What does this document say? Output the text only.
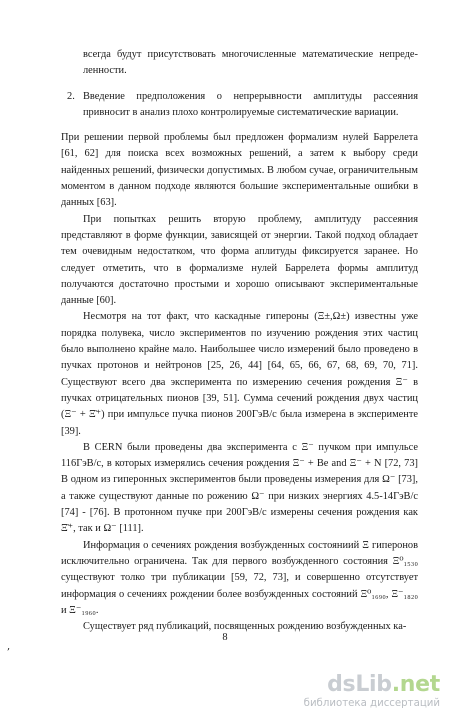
всегда будут присутствовать многочисленные математические непредe-ленности.

2. Введение предположения о непрерывности амплитуды рассеяния привносит в анализ плохо контролируемые систематические вариации.

При решении первой проблемы был предложен формализм нулей Баррелета [61, 62] для поиска всех возможных решений, а затем к выбору среди найденных решений, физически допустимых. В любом сучае, ограничительным моментом в данном подходе являются большие экспериментальные ошибки в данных [63].

При попытках решить вторую проблему, амплитуду рассеяния представляют в форме функции, зависящей от энергии. Такой подход обладает тем очевидным недостатком, что форма аплитуды фиксируется заранее. Но следует отметить, что в формализме нулей Баррелета формы амплитуд получаются достаточно простыми и хорошо описывают экспериментальные данные [60].

Несмотря на тот факт, что каскадные гипероны (Ξ±,Ω±) известны уже порядка полувека, число экспериментов по изучению рождения этих частиц было выполнено крайне мало. Наибольшее число измерений было проведено в пучках протонов и нейтронов [25, 26, 44] [64, 65, 66, 67, 68, 69, 70, 71]. Существуют всего два эксперимента по измерению сечения рождения Ξ⁻ в пучках отрицательных пионов [39, 51]. Сумма сечений рождения двух частиц (Ξ⁻ + Ξ̄⁺) при импульсе пучка пионов 200ГэВ/c была измерена в эксперименте [39].

В CERN были проведены два эксперимента с Ξ⁻ пучком при импульсе 116ГэВ/c, в которых измерялись сечения рождения Ξ⁻ + Be and Ξ⁻ + N [72, 73] В одном из гиперонных экспериментов были проведены измерения для Ω⁻ [73], а также существуют данные по рожению Ω⁻ при низких энергиях 4.5-14ГэВ/c [74] - [76]. В протонном пучке при 200ГэВ/c измерены сечения рождения как Ξ̄⁺, так и Ω⁻ [111].

Информация о сечениях рождения возбужденных состояниий Ξ гиперонов исключительно ограничена. Так для первого возбужденного состояния Ξ⁰₁₅₃₀ существуют толко три публикации [59, 72, 73], и совершенно отсутствует информация о сечениях рождении более возбужденных состояний Ξ⁰₁₆₉₀, Ξ⁻₁₈₂₀ и Ξ⁻₁₉₆₀.

Существует ряд публикаций, посвященных рождению возбужденных ка-

,
8
dsLib.net
библиотека диссертаций
